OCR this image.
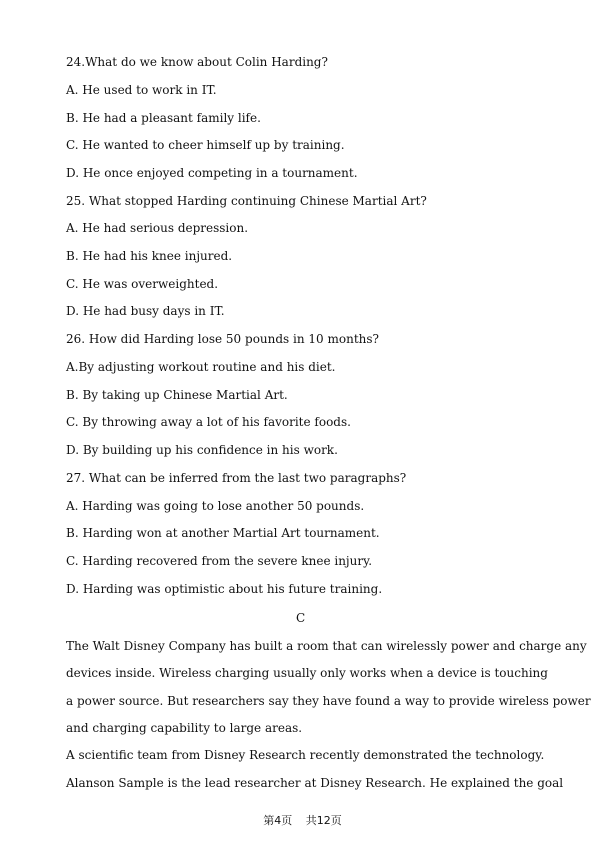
24.What do we know about Colin Harding?
A. He used to work in IT.
B. He had a pleasant family life.
C. He wanted to cheer himself up by training.
D. He once enjoyed competing in a tournament.
25. What stopped Harding continuing Chinese Martial Art?
A. He had serious depression.
B. He had his knee injured.
C. He was overweighted.
D. He had busy days in IT.
26. How did Harding lose 50 pounds in 10 months?
A.By adjusting workout routine and his diet.
B. By taking up Chinese Martial Art.
C. By throwing away a lot of his favorite foods.
D. By building up his confidence in his work.
27. What can be inferred from the last two paragraphs?
A. Harding was going to lose another 50 pounds.
B. Harding won at another Martial Art tournament.
C. Harding recovered from the severe knee injury.
D. Harding was optimistic about his future training.
C
The Walt Disney Company has built a room that can wirelessly power and charge any
devices inside. Wireless charging usually only works when a device is touching
a power source. But researchers say they have found a way to provide wireless power
and charging capability to large areas.
A scientific team from Disney Research recently demonstrated the technology.
Alanson Sample is the lead researcher at Disney Research. He explained the goal
第4页 共12页
